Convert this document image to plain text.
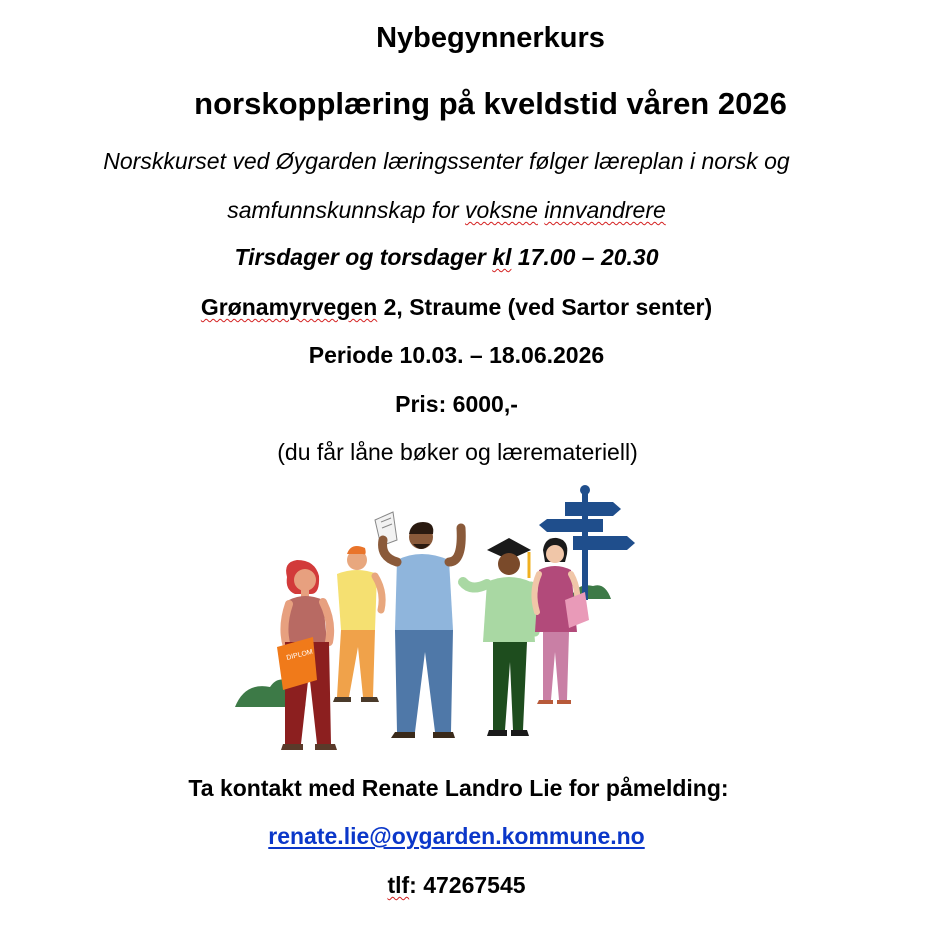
Nybegynnerkurs
norskopplæring på kveldstid våren 2026
Norskkurset ved Øygarden læringssenter følger læreplan i norsk og
samfunnskunnskap for voksne innvandrere
Tirsdager og torsdager kl 17.00 – 20.30
Grønamyrvegen 2, Straume (ved Sartor senter)
Periode 10.03. – 18.06.2026
Pris: 6000,-
(du får låne bøker og læremateriell)
DIPLOM
Ta kontakt med Renate Landro Lie for påmelding:
renate.lie@oygarden.kommune.no
tlf: 47267545
